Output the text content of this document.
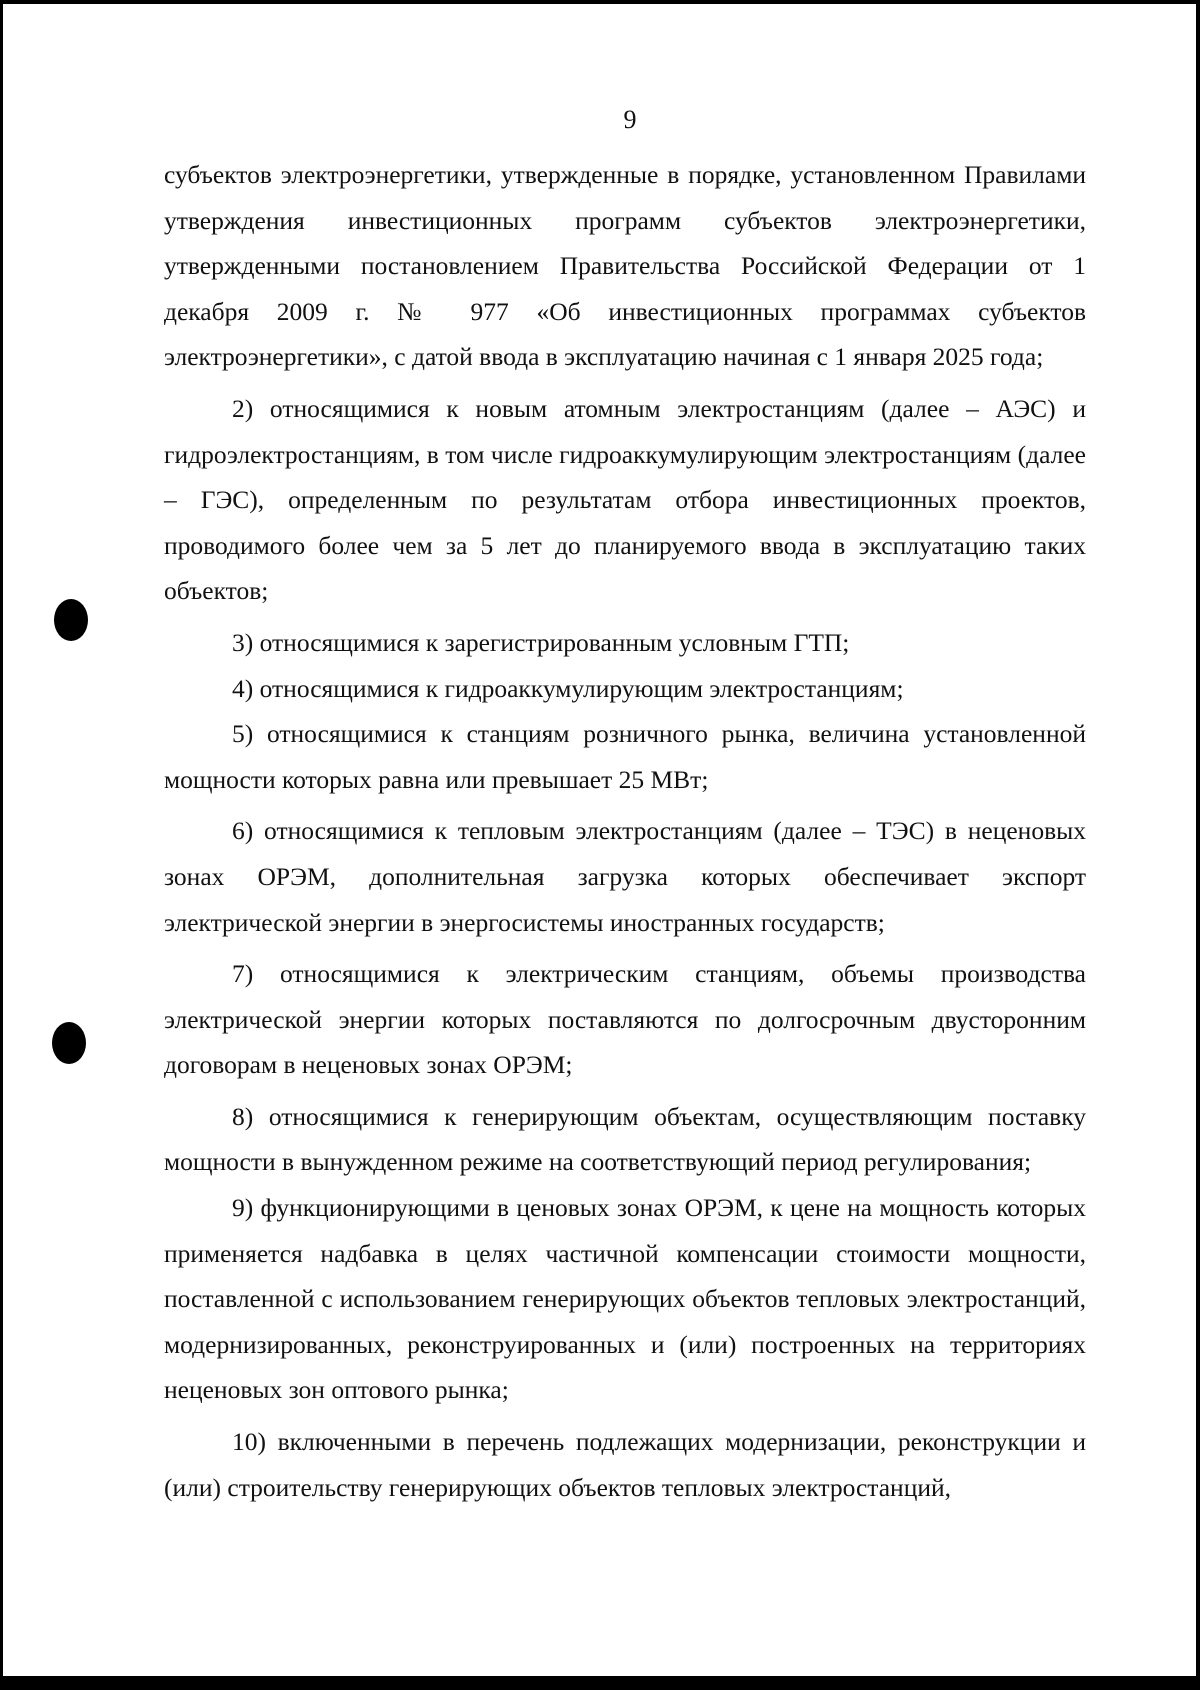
9

субъектов электроэнергетики, утвержденные в порядке, установленном Правилами утверждения инвестиционных программ субъектов электроэнергетики, утвержденными постановлением Правительства Российской Федерации от 1 декабря 2009 г. № 977 «Об инвестиционных программах субъектов электроэнергетики», с датой ввода в эксплуатацию начиная с 1 января 2025 года;

2) относящимися к новым атомным электростанциям (далее – АЭС) и гидроэлектростанциям, в том числе гидроаккумулирующим электростанциям (далее – ГЭС), определенным по результатам отбора инвестиционных проектов, проводимого более чем за 5 лет до планируемого ввода в эксплуатацию таких объектов;

3) относящимися к зарегистрированным условным ГТП;

4) относящимися к гидроаккумулирующим электростанциям;

5) относящимися к станциям розничного рынка, величина установленной мощности которых равна или превышает 25 МВт;

6) относящимися к тепловым электростанциям (далее – ТЭС) в неценовых зонах ОРЭМ, дополнительная загрузка которых обеспечивает экспорт электрической энергии в энергосистемы иностранных государств;

7) относящимися к электрическим станциям, объемы производства электрической энергии которых поставляются по долгосрочным двусторонним договорам в неценовых зонах ОРЭМ;

8) относящимися к генерирующим объектам, осуществляющим поставку мощности в вынужденном режиме на соответствующий период регулирования;

9) функционирующими в ценовых зонах ОРЭМ, к цене на мощность которых применяется надбавка в целях частичной компенсации стоимости мощности, поставленной с использованием генерирующих объектов тепловых электростанций, модернизированных, реконструированных и (или) построенных на территориях неценовых зон оптового рынка;

10) включенными в перечень подлежащих модернизации, реконструкции и (или) строительству генерирующих объектов тепловых электростанций,
